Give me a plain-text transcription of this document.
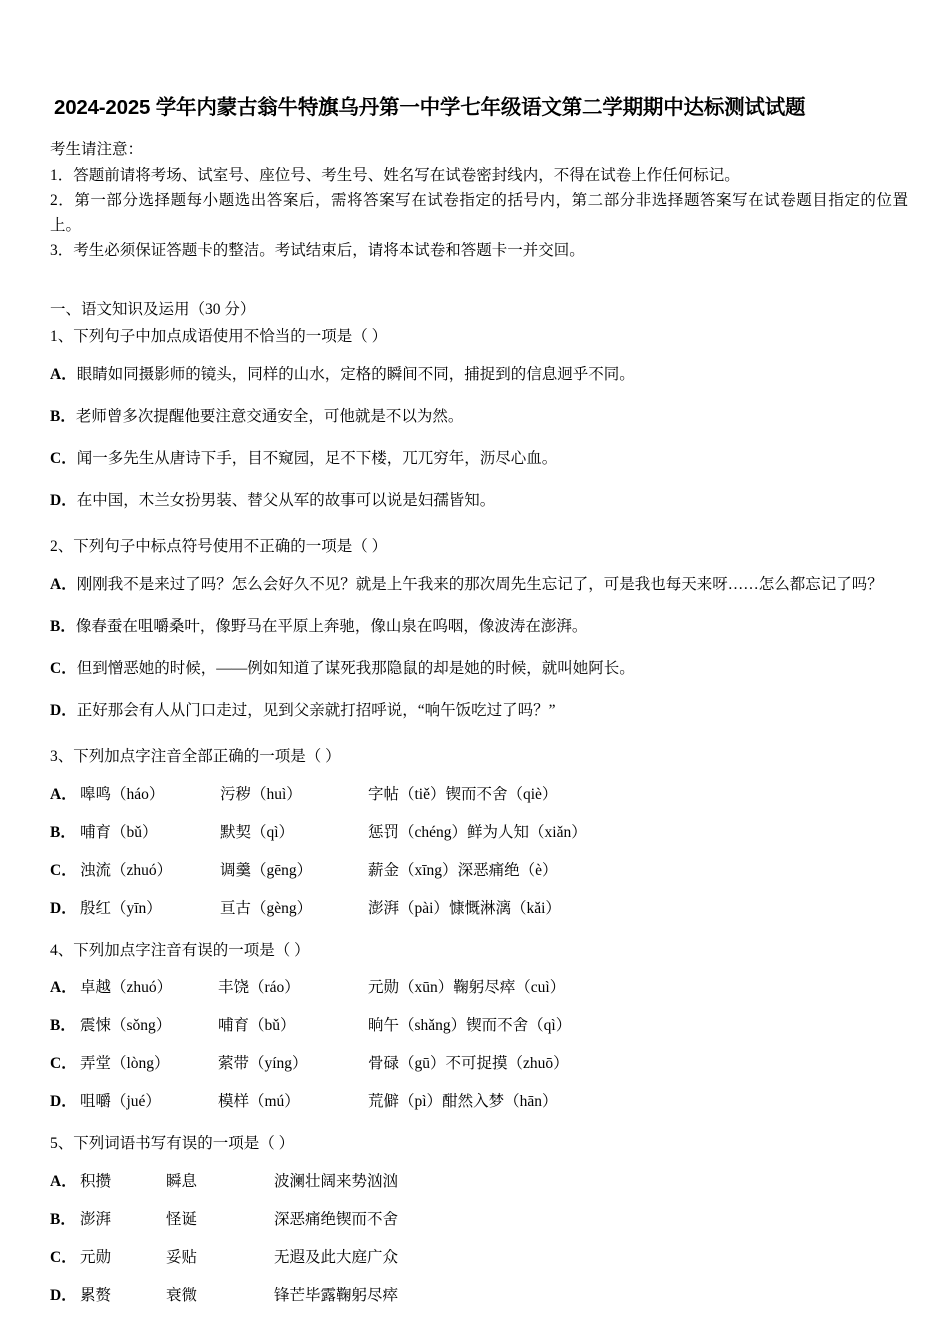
2024-2025 学年内蒙古翁牛特旗乌丹第一中学七年级语文第二学期期中达标测试试题

考生请注意：

1．答题前请将考场、试室号、座位号、考生号、姓名写在试卷密封线内，不得在试卷上作任何标记。

2．第一部分选择题每小题选出答案后，需将答案写在试卷指定的括号内，第二部分非选择题答案写在试卷题目指定的位置上。

3．考生必须保证答题卡的整洁。考试结束后，请将本试卷和答题卡一并交回。

一、语文知识及运用（30 分）
1、下列句子中加点成语使用不恰当的一项是（ ）
A．眼睛如同摄影师的镜头，同样的山水，定格的瞬间不同，捕捉到的信息迥乎不同。
B．老师曾多次提醒他要注意交通安全，可他就是不以为然。
C．闻一多先生从唐诗下手，目不窥园，足不下楼，兀兀穷年，沥尽心血。
D．在中国，木兰女扮男装、替父从军的故事可以说是妇孺皆知。
2、下列句子中标点符号使用不正确的一项是（ ）
A．刚刚我不是来过了吗？怎么会好久不见？就是上午我来的那次周先生忘记了，可是我也每天来呀……怎么都忘记了吗？
B．像春蚕在咀嚼桑叶，像野马在平原上奔驰，像山泉在呜咽，像波涛在澎湃。
C．但到憎恶她的时候，——例如知道了谋死我那隐鼠的却是她的时候，就叫她阿长。
D．正好那会有人从门口走过，见到父亲就打招呼说，“响午饭吃过了吗？”
3、下列加点字注音全部正确的一项是（ ）
A． 嗥鸣（háo）	污秽（huì）	字帖（tiě） 锲而不舍（qiè）
B． 哺育（bǔ）	默契（qì）	惩罚（chéng） 鲜为人知（xiǎn）
C． 浊流（zhuó）	调羹（gēng）	薪金（xīng） 深恶痛绝（è）
D． 殷红（yīn）	亘古（gèng）	澎湃（pài） 慷慨淋漓（kǎi）
4、下列加点字注音有误的一项是（ ）
A． 卓越（zhuó）	丰饶（ráo）	元勋（xūn） 鞠躬尽瘁（cuì）
B． 震悚（sǒng）	哺育（bǔ）	晌午（shǎng） 锲而不舍（qì）
C． 弄堂（lòng）	萦带（yíng）	骨碌（gū） 不可捉摸（zhuō）
D． 咀嚼（jué）	模样（mú）	荒僻（pì） 酣然入梦（hān）
5、下列词语书写有误的一项是（ ）
A． 积攒	瞬息	波澜壮阔 来势汹汹
B． 澎湃	怪诞	深恶痛绝 锲而不舍
C． 元勋	妥贴	无遐及此 大庭广众
D． 累赘	衰微	锋芒毕露 鞠躬尽瘁
